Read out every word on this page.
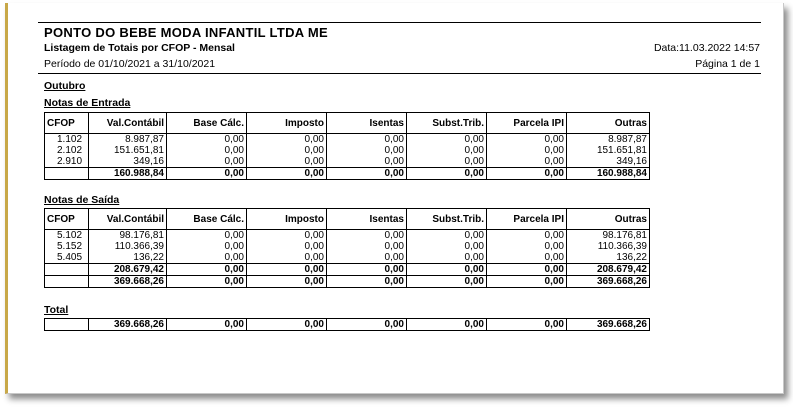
PONTO DO BEBE MODA INFANTIL LTDA ME
Listagem de Totais por CFOP - Mensal
Período de 01/10/2021 a 31/10/2021
Data:11.03.2022 14:57
Página 1 de 1
Outubro
Notas de Entrada
CFOP	Val.Contábil	Base Cálc.	Imposto	Isentas	Subst.Trib.	Parcela IPI	Outras
1.102	8.987,87	0,00	0,00	0,00	0,00	0,00	8.987,87
2.102	151.651,81	0,00	0,00	0,00	0,00	0,00	151.651,81
2.910	349,16	0,00	0,00	0,00	0,00	0,00	349,16
	160.988,84	0,00	0,00	0,00	0,00	0,00	160.988,84
Notas de Saída
CFOP	Val.Contábil	Base Cálc.	Imposto	Isentas	Subst.Trib.	Parcela IPI	Outras
5.102	98.176,81	0,00	0,00	0,00	0,00	0,00	98.176,81
5.152	110.366,39	0,00	0,00	0,00	0,00	0,00	110.366,39
5.405	136,22	0,00	0,00	0,00	0,00	0,00	136,22
	208.679,42	0,00	0,00	0,00	0,00	0,00	208.679,42
	369.668,26	0,00	0,00	0,00	0,00	0,00	369.668,26
Total
	369.668,26	0,00	0,00	0,00	0,00	0,00	369.668,26
